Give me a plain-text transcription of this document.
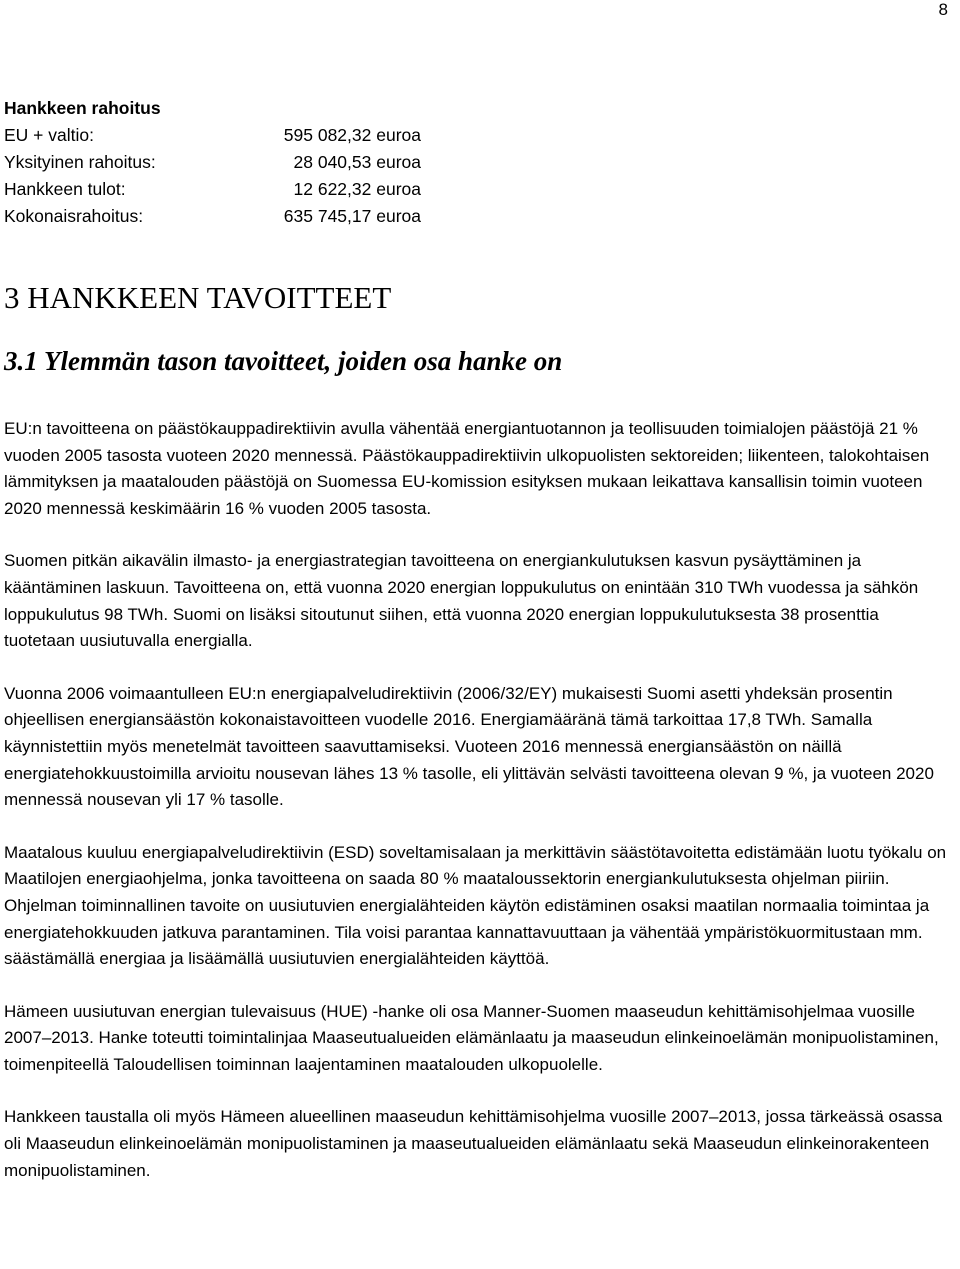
8
Hankkeen rahoitus
EU + valtio:	595 082,32 euroa
Yksityinen rahoitus:	28 040,53 euroa
Hankkeen tulot:	12 622,32 euroa
Kokonaisrahoitus:	635 745,17 euroa
3 HANKKEEN TAVOITTEET
3.1 Ylemmän tason tavoitteet, joiden osa hanke on

EU:n tavoitteena on päästökauppadirektiivin avulla vähentää energiantuotannon ja teollisuuden toimialojen päästöjä 21 % vuoden 2005 tasosta vuoteen 2020 mennessä. Päästökauppadirektiivin ulkopuolisten sektoreiden; liikenteen, talokohtaisen lämmityksen ja maatalouden päästöjä on Suomessa EU-komission esityksen mukaan leikattava kansallisin toimin vuoteen 2020 mennessä keskimäärin 16 % vuoden 2005 tasosta.

Suomen pitkän aikavälin ilmasto- ja energiastrategian tavoitteena on energiankulutuksen kasvun pysäyttäminen ja kääntäminen laskuun. Tavoitteena on, että vuonna 2020 energian loppukulutus on enintään 310 TWh vuodessa ja sähkön loppukulutus 98 TWh. Suomi on lisäksi sitoutunut siihen, että vuonna 2020 energian loppukulutuksesta 38 prosenttia tuotetaan uusiutuvalla energialla.

Vuonna 2006 voimaantulleen EU:n energiapalveludirektiivin (2006/32/EY) mukaisesti Suomi asetti yhdeksän prosentin ohjeellisen energiansäästön kokonaistavoitteen vuodelle 2016. Energiamääränä tämä tarkoittaa 17,8 TWh. Samalla käynnistettiin myös menetelmät tavoitteen saavuttamiseksi. Vuoteen 2016 mennessä energiansäästön on näillä energiatehokkuustoimilla arvioitu nousevan lähes 13 % tasolle, eli ylittävän selvästi tavoitteena olevan 9 %, ja vuoteen 2020 mennessä nousevan yli 17 % tasolle.

Maatalous kuuluu energiapalveludirektiivin (ESD) soveltamisalaan ja merkittävin säästötavoitetta edistämään luotu työkalu on Maatilojen energiaohjelma, jonka tavoitteena on saada 80 % maataloussektorin energiankulutuksesta ohjelman piiriin. Ohjelman toiminnallinen tavoite on uusiutuvien energialähteiden käytön edistäminen osaksi maatilan normaalia toimintaa ja energiatehokkuuden jatkuva parantaminen. Tila voisi parantaa kannattavuuttaan ja vähentää ympäristökuormitustaan mm. säästämällä energiaa ja lisäämällä uusiutuvien energialähteiden käyttöä.

Hämeen uusiutuvan energian tulevaisuus (HUE) -hanke oli osa Manner-Suomen maaseudun kehittämisohjelmaa vuosille 2007–2013. Hanke toteutti toimintalinjaa Maaseutualueiden elämänlaatu ja maaseudun elinkeinoelämän monipuolistaminen, toimenpiteellä Taloudellisen toiminnan laajentaminen maatalouden ulkopuolelle.

Hankkeen taustalla oli myös Hämeen alueellinen maaseudun kehittämisohjelma vuosille 2007–2013, jossa tärkeässä osassa oli Maaseudun elinkeinoelämän monipuolistaminen ja maaseutualueiden elämänlaatu sekä Maaseudun elinkeinorakenteen monipuolistaminen.
